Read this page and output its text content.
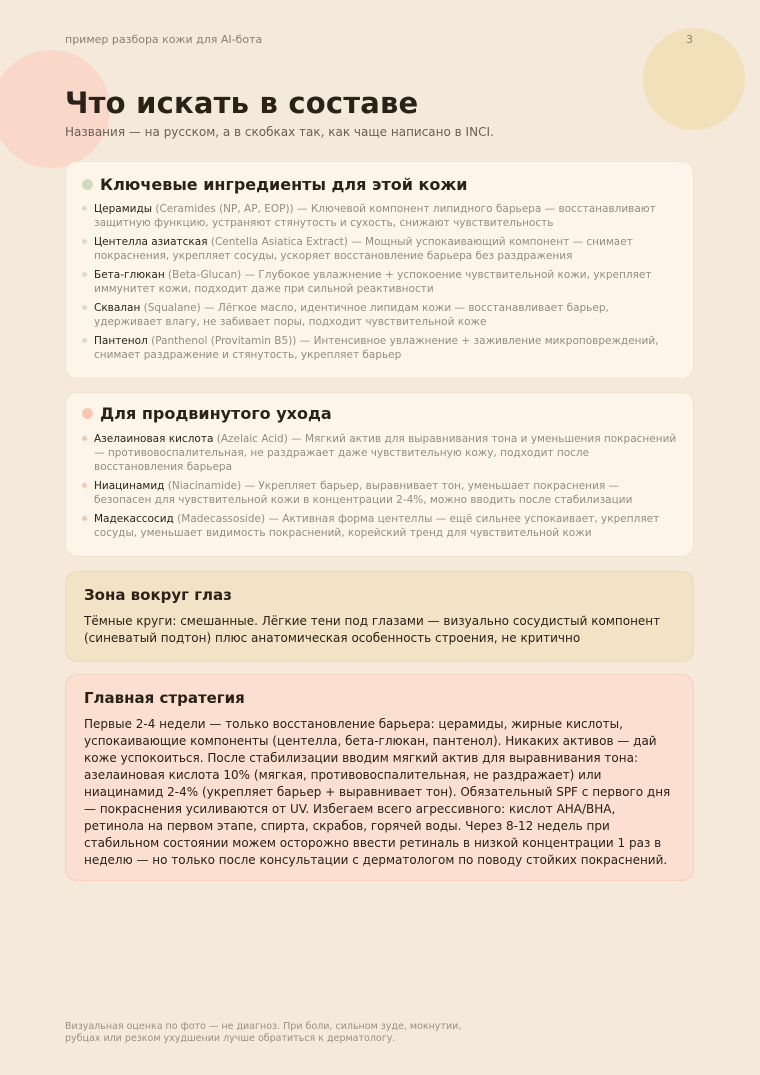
пример разбора кожи для AI-бота	3
Что искать в составе
Названия — на русском, а в скобках так, как чаще написано в INCI.
Ключевые ингредиенты для этой кожи
Церамиды (Ceramides (NP, AP, EOP)) — Ключевой компонент липидного барьера — восстанавливают защитную функцию, устраняют стянутость и сухость, снижают чувствительность
Центелла азиатская (Centella Asiatica Extract) — Мощный успокаивающий компонент — снимает покраснения, укрепляет сосуды, ускоряет восстановление барьера без раздражения
Бета-глюкан (Beta-Glucan) — Глубокое увлажнение + успокоение чувствительной кожи, укрепляет иммунитет кожи, подходит даже при сильной реактивности
Сквалан (Squalane) — Лёгкое масло, идентичное липидам кожи — восстанавливает барьер, удерживает влагу, не забивает поры, подходит чувствительной коже
Пантенол (Panthenol (Provitamin B5)) — Интенсивное увлажнение + заживление микроповреждений, снимает раздражение и стянутость, укрепляет барьер
Для продвинутого ухода
Азелаиновая кислота (Azelaic Acid) — Мягкий актив для выравнивания тона и уменьшения покраснений — противовоспалительная, не раздражает даже чувствительную кожу, подходит после восстановления барьера
Ниацинамид (Niacinamide) — Укрепляет барьер, выравнивает тон, уменьшает покраснения — безопасен для чувствительной кожи в концентрации 2-4%, можно вводить после стабилизации
Мадекассосид (Madecassoside) — Активная форма центеллы — ещё сильнее успокаивает, укрепляет сосуды, уменьшает видимость покраснений, корейский тренд для чувствительной кожи
Зона вокруг глаз

Тёмные круги: смешанные. Лёгкие тени под глазами — визуально сосудистый компонент (синеватый подтон) плюс анатомическая особенность строения, не критично

Главная стратегия

Первые 2-4 недели — только восстановление барьера: церамиды, жирные кислоты, успокаивающие компоненты (центелла, бета-глюкан, пантенол). Никаких активов — дай коже успокоиться. После стабилизации вводим мягкий актив для выравнивания тона: азелаиновая кислота 10% (мягкая, противовоспалительная, не раздражает) или ниацинамид 2-4% (укрепляет барьер + выравнивает тон). Обязательный SPF с первого дня — покраснения усиливаются от UV. Избегаем всего агрессивного: кислот AHA/BHA, ретинола на первом этапе, спирта, скрабов, горячей воды. Через 8-12 недель при стабильном состоянии можем осторожно ввести ретиналь в низкой концентрации 1 раз в неделю — но только после консультации с дерматологом по поводу стойких покраснений.

Визуальная оценка по фото — не диагноз. При боли, сильном зуде, мокнутии,
рубцах или резком ухудшении лучше обратиться к дерматологу.
